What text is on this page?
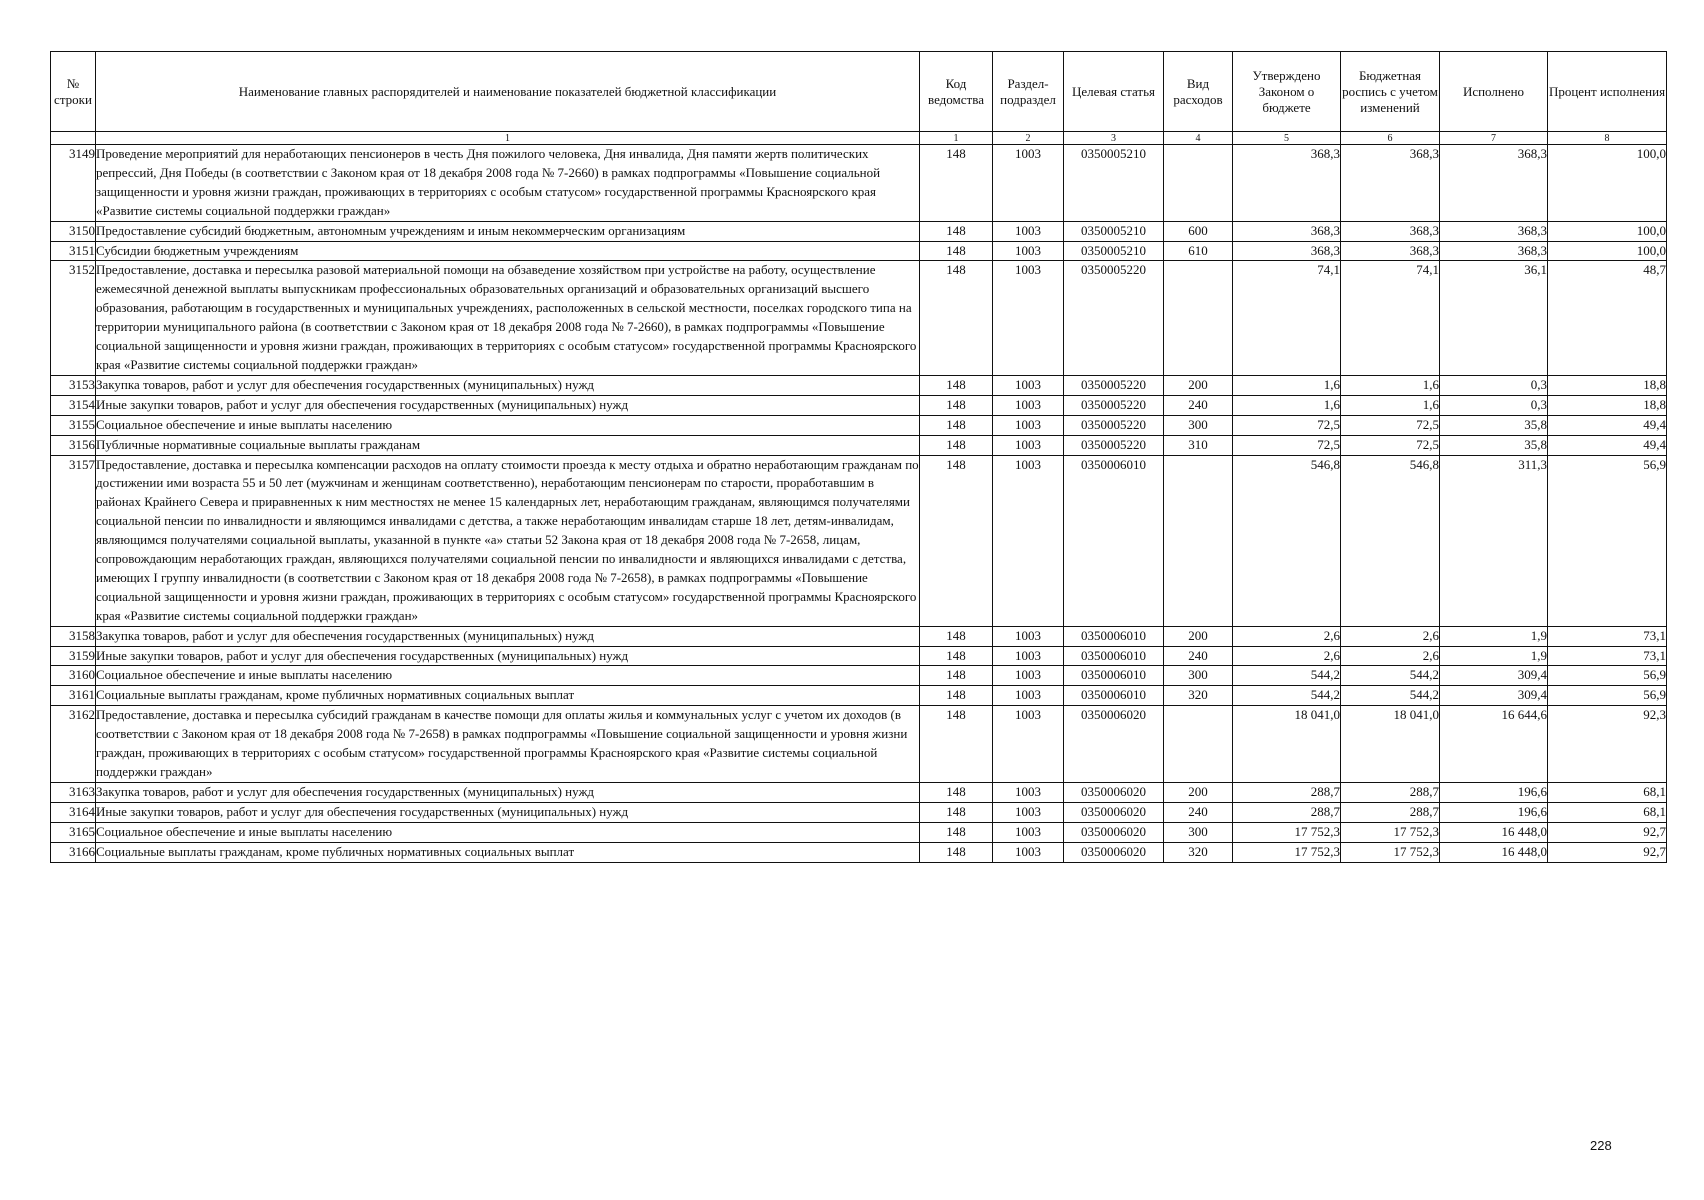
№ строки	Наименование главных распорядителей и наименование показателей бюджетной классификации	Код ведомства	Раздел-подраздел	Целевая статья	Вид расходов	Утверждено Законом о бюджете	Бюджетная роспись с учетом изменений	Исполнено	Процент исполнения
	1	1	2	3	4	5	6	7	8
3149	Проведение мероприятий для неработающих пенсионеров в честь Дня пожилого человека, Дня инвалида, Дня памяти жертв политических репрессий, Дня Победы (в соответствии с Законом края от 18 декабря 2008 года № 7-2660) в рамках подпрограммы «Повышение социальной защищенности и уровня жизни граждан, проживающих в территориях с особым статусом» государственной программы Красноярского края «Развитие системы социальной поддержки граждан»	148	1003	0350005210		368,3	368,3	368,3	100,0
3150	Предоставление субсидий бюджетным, автономным учреждениям и иным некоммерческим организациям	148	1003	0350005210	600	368,3	368,3	368,3	100,0
3151	Субсидии бюджетным учреждениям	148	1003	0350005210	610	368,3	368,3	368,3	100,0
3152	Предоставление, доставка и пересылка разовой материальной помощи на обзаведение хозяйством при устройстве на работу, осуществление ежемесячной денежной выплаты выпускникам профессиональных образовательных организаций и образовательных организаций высшего образования, работающим в государственных и муниципальных учреждениях, расположенных в сельской местности, поселках городского типа на территории муниципального района (в соответствии с Законом края от 18 декабря 2008 года № 7-2660), в рамках подпрограммы «Повышение социальной защищенности и уровня жизни граждан, проживающих в территориях с особым статусом» государственной программы Красноярского края «Развитие системы социальной поддержки граждан»	148	1003	0350005220		74,1	74,1	36,1	48,7
3153	Закупка товаров, работ и услуг для обеспечения государственных (муниципальных) нужд	148	1003	0350005220	200	1,6	1,6	0,3	18,8
3154	Иные закупки товаров, работ и услуг для обеспечения государственных (муниципальных) нужд	148	1003	0350005220	240	1,6	1,6	0,3	18,8
3155	Социальное обеспечение и иные выплаты населению	148	1003	0350005220	300	72,5	72,5	35,8	49,4
3156	Публичные нормативные социальные выплаты гражданам	148	1003	0350005220	310	72,5	72,5	35,8	49,4
3157	Предоставление, доставка и пересылка компенсации расходов на оплату стоимости проезда к месту отдыха и обратно неработающим гражданам по достижении ими возраста 55 и 50 лет (мужчинам и женщинам соответственно), неработающим пенсионерам по старости, проработавшим в районах Крайнего Севера и приравненных к ним местностях не менее 15 календарных лет, неработающим гражданам, являющимся получателями социальной пенсии по инвалидности и являющимся инвалидами с детства, а также неработающим инвалидам старше 18 лет, детям-инвалидам, являющимся получателями социальной выплаты, указанной в пункте «а» статьи 52 Закона края от 18 декабря 2008 года № 7-2658, лицам, сопровождающим неработающих граждан, являющихся получателями социальной пенсии по инвалидности и являющихся инвалидами с детства, имеющих I группу инвалидности (в соответствии с Законом края от 18 декабря 2008 года № 7-2658), в рамках подпрограммы «Повышение социальной защищенности и уровня жизни граждан, проживающих в территориях с особым статусом» государственной программы Красноярского края «Развитие системы социальной поддержки граждан»	148	1003	0350006010		546,8	546,8	311,3	56,9
3158	Закупка товаров, работ и услуг для обеспечения государственных (муниципальных) нужд	148	1003	0350006010	200	2,6	2,6	1,9	73,1
3159	Иные закупки товаров, работ и услуг для обеспечения государственных (муниципальных) нужд	148	1003	0350006010	240	2,6	2,6	1,9	73,1
3160	Социальное обеспечение и иные выплаты населению	148	1003	0350006010	300	544,2	544,2	309,4	56,9
3161	Социальные выплаты гражданам, кроме публичных нормативных социальных выплат	148	1003	0350006010	320	544,2	544,2	309,4	56,9
3162	Предоставление, доставка и пересылка субсидий гражданам в качестве помощи для оплаты жилья и коммунальных услуг с учетом их доходов (в соответствии с Законом края от 18 декабря 2008 года № 7-2658) в рамках подпрограммы «Повышение социальной защищенности и уровня жизни граждан, проживающих в территориях с особым статусом» государственной программы Красноярского края «Развитие системы социальной поддержки граждан»	148	1003	0350006020		18 041,0	18 041,0	16 644,6	92,3
3163	Закупка товаров, работ и услуг для обеспечения государственных (муниципальных) нужд	148	1003	0350006020	200	288,7	288,7	196,6	68,1
3164	Иные закупки товаров, работ и услуг для обеспечения государственных (муниципальных) нужд	148	1003	0350006020	240	288,7	288,7	196,6	68,1
3165	Социальное обеспечение и иные выплаты населению	148	1003	0350006020	300	17 752,3	17 752,3	16 448,0	92,7
3166	Социальные выплаты гражданам, кроме публичных нормативных социальных выплат	148	1003	0350006020	320	17 752,3	17 752,3	16 448,0	92,7
228
